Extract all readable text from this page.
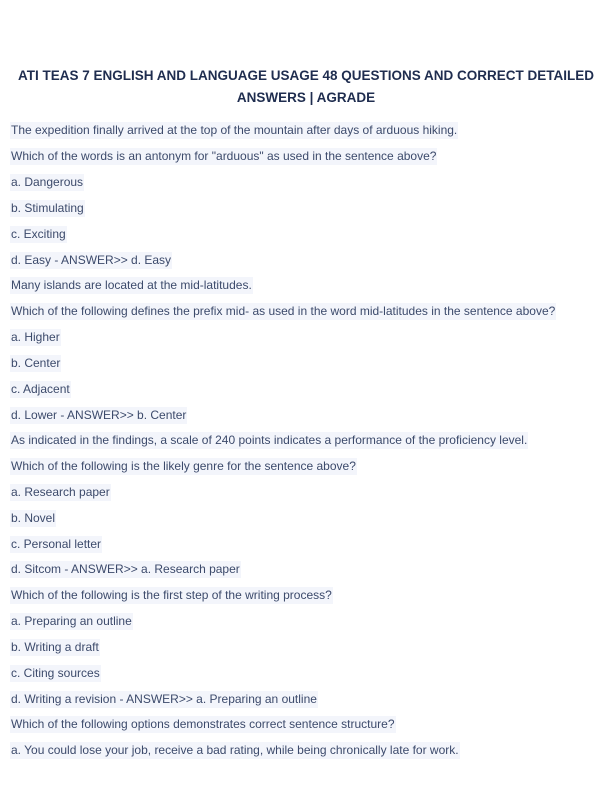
ATI TEAS 7 ENGLISH AND LANGUAGE USAGE 48 QUESTIONS AND CORRECT DETAILED
ANSWERS | AGRADE
The expedition finally arrived at the top of the mountain after days of arduous hiking.
Which of the words is an antonym for "arduous" as used in the sentence above?
a. Dangerous
b. Stimulating
c. Exciting
d. Easy - ANSWER>> d. Easy
Many islands are located at the mid-latitudes.
Which of the following defines the prefix mid- as used in the word mid-latitudes in the sentence above?
a. Higher
b. Center
c. Adjacent
d. Lower - ANSWER>> b. Center
As indicated in the findings, a scale of 240 points indicates a performance of the proficiency level.
Which of the following is the likely genre for the sentence above?
a. Research paper
b. Novel
c. Personal letter
d. Sitcom - ANSWER>> a. Research paper
Which of the following is the first step of the writing process?
a. Preparing an outline
b. Writing a draft
c. Citing sources
d. Writing a revision - ANSWER>> a. Preparing an outline
Which of the following options demonstrates correct sentence structure?
a. You could lose your job, receive a bad rating, while being chronically late for work.
